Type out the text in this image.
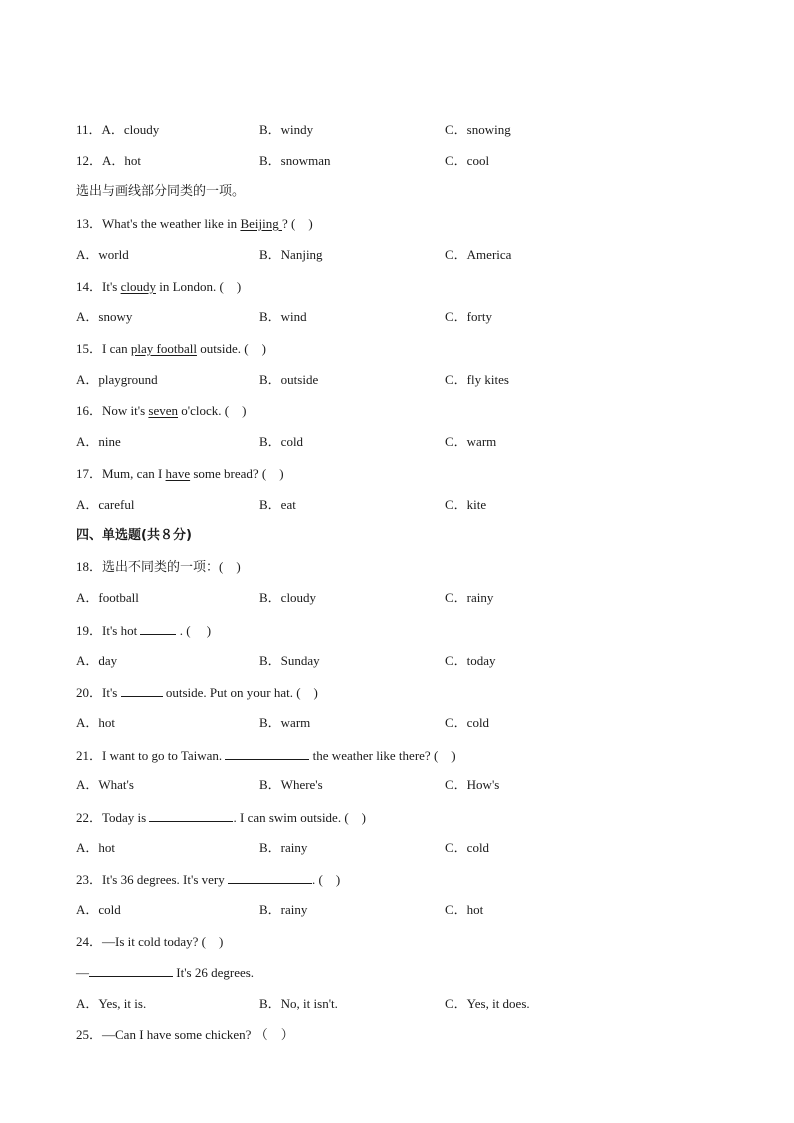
11．A．cloudy	B．windy	C．snowing
12．A．hot	B．snowman	C．cool
选出与画线部分同类的一项。
13．What's the weather like in Beijing ? (　)
A．world	B．Nanjing	C．America
14．It's cloudy in London. (　)
A．snowy	B．wind	C．forty
15．I can play football outside. (　)
A．playground	B．outside	C．fly kites
16．Now it's seven o'clock. (　)
A．nine	B．cold	C．warm
17．Mum, can I have some bread? (　)
A．careful	B．eat	C．kite
四、单选题(共８分)
18．选出不同类的一项：(　)
A．football	B．cloudy	C．rainy
19．It's hot	. (　 )
A．day	B．Sunday	C．today
20．It's	outside. Put on your hat. (　)
A．hot	B．warm	C．cold
21．I want to go to Taiwan.	the weather like there? (　)
A．What's	B．Where's	C．How's
22．Today is	. I can swim outside. (　)
A．hot	B．rainy	C．cold
23．It's 36 degrees. It's very	. (　)
A．cold	B．rainy	C．hot
24．—Is it cold today? (　)
—	It's 26 degrees.
A．Yes, it is.	B．No, it isn't.	C．Yes, it does.
25．—Can I have some chicken? （　）
